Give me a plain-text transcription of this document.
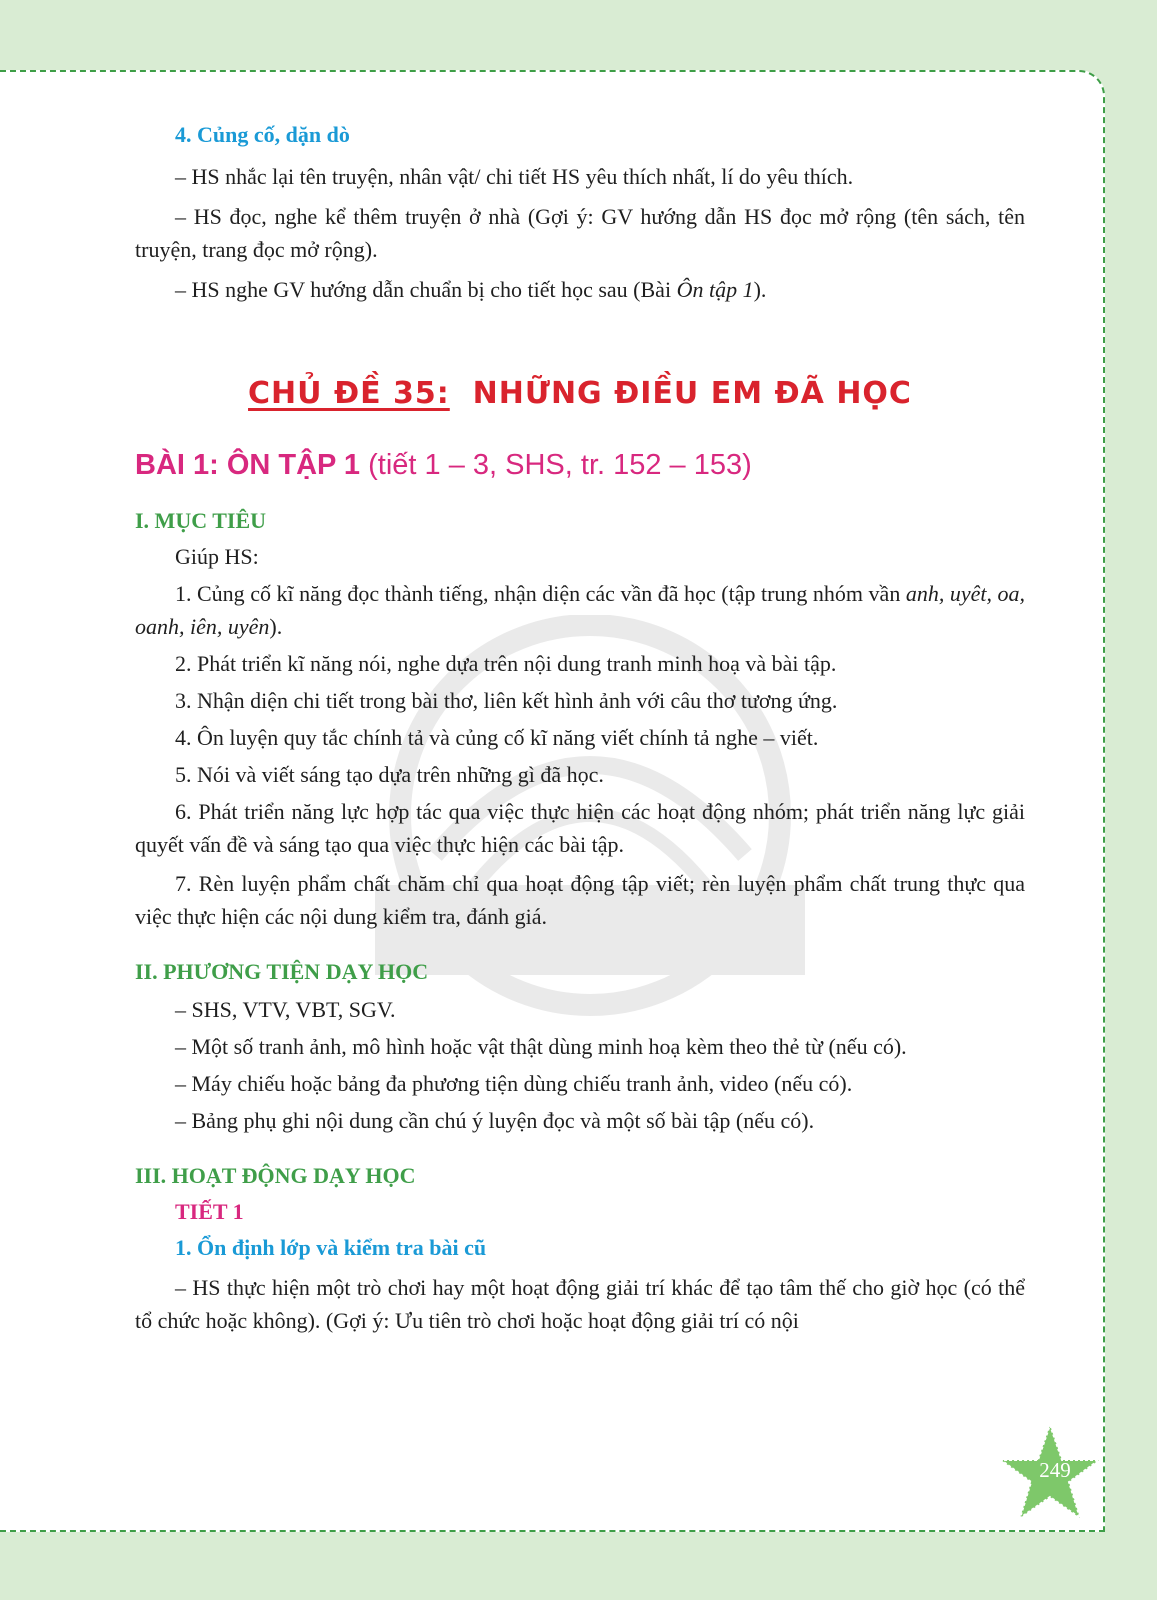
4. Củng cố, dặn dò

– HS nhắc lại tên truyện, nhân vật/ chi tiết HS yêu thích nhất, lí do yêu thích.

– HS đọc, nghe kể thêm truyện ở nhà (Gợi ý: GV hướng dẫn HS đọc mở rộng (tên sách, tên truyện, trang đọc mở rộng).

– HS nghe GV hướng dẫn chuẩn bị cho tiết học sau (Bài Ôn tập 1).

CHỦ ĐỀ 35: NHỮNG ĐIỀU EM ĐÃ HỌC

BÀI 1: ÔN TẬP 1 (tiết 1 – 3, SHS, tr. 152 – 153)

I. MỤC TIÊU

Giúp HS:

1. Củng cố kĩ năng đọc thành tiếng, nhận diện các vần đã học (tập trung nhóm vần anh, uyêt, oa, oanh, iên, uyên).

2. Phát triển kĩ năng nói, nghe dựa trên nội dung tranh minh hoạ và bài tập.

3. Nhận diện chi tiết trong bài thơ, liên kết hình ảnh với câu thơ tương ứng.

4. Ôn luyện quy tắc chính tả và củng cố kĩ năng viết chính tả nghe – viết.

5. Nói và viết sáng tạo dựa trên những gì đã học.

6. Phát triển năng lực hợp tác qua việc thực hiện các hoạt động nhóm; phát triển năng lực giải quyết vấn đề và sáng tạo qua việc thực hiện các bài tập.

7. Rèn luyện phẩm chất chăm chỉ qua hoạt động tập viết; rèn luyện phẩm chất trung thực qua việc thực hiện các nội dung kiểm tra, đánh giá.

II. PHƯƠNG TIỆN DẠY HỌC

– SHS, VTV, VBT, SGV.

– Một số tranh ảnh, mô hình hoặc vật thật dùng minh hoạ kèm theo thẻ từ (nếu có).

– Máy chiếu hoặc bảng đa phương tiện dùng chiếu tranh ảnh, video (nếu có).

– Bảng phụ ghi nội dung cần chú ý luyện đọc và một số bài tập (nếu có).

III. HOẠT ĐỘNG DẠY HỌC

TIẾT 1

1. Ổn định lớp và kiểm tra bài cũ

– HS thực hiện một trò chơi hay một hoạt động giải trí khác để tạo tâm thế cho giờ học (có thể tổ chức hoặc không). (Gợi ý: Ưu tiên trò chơi hoặc hoạt động giải trí có nội

249
